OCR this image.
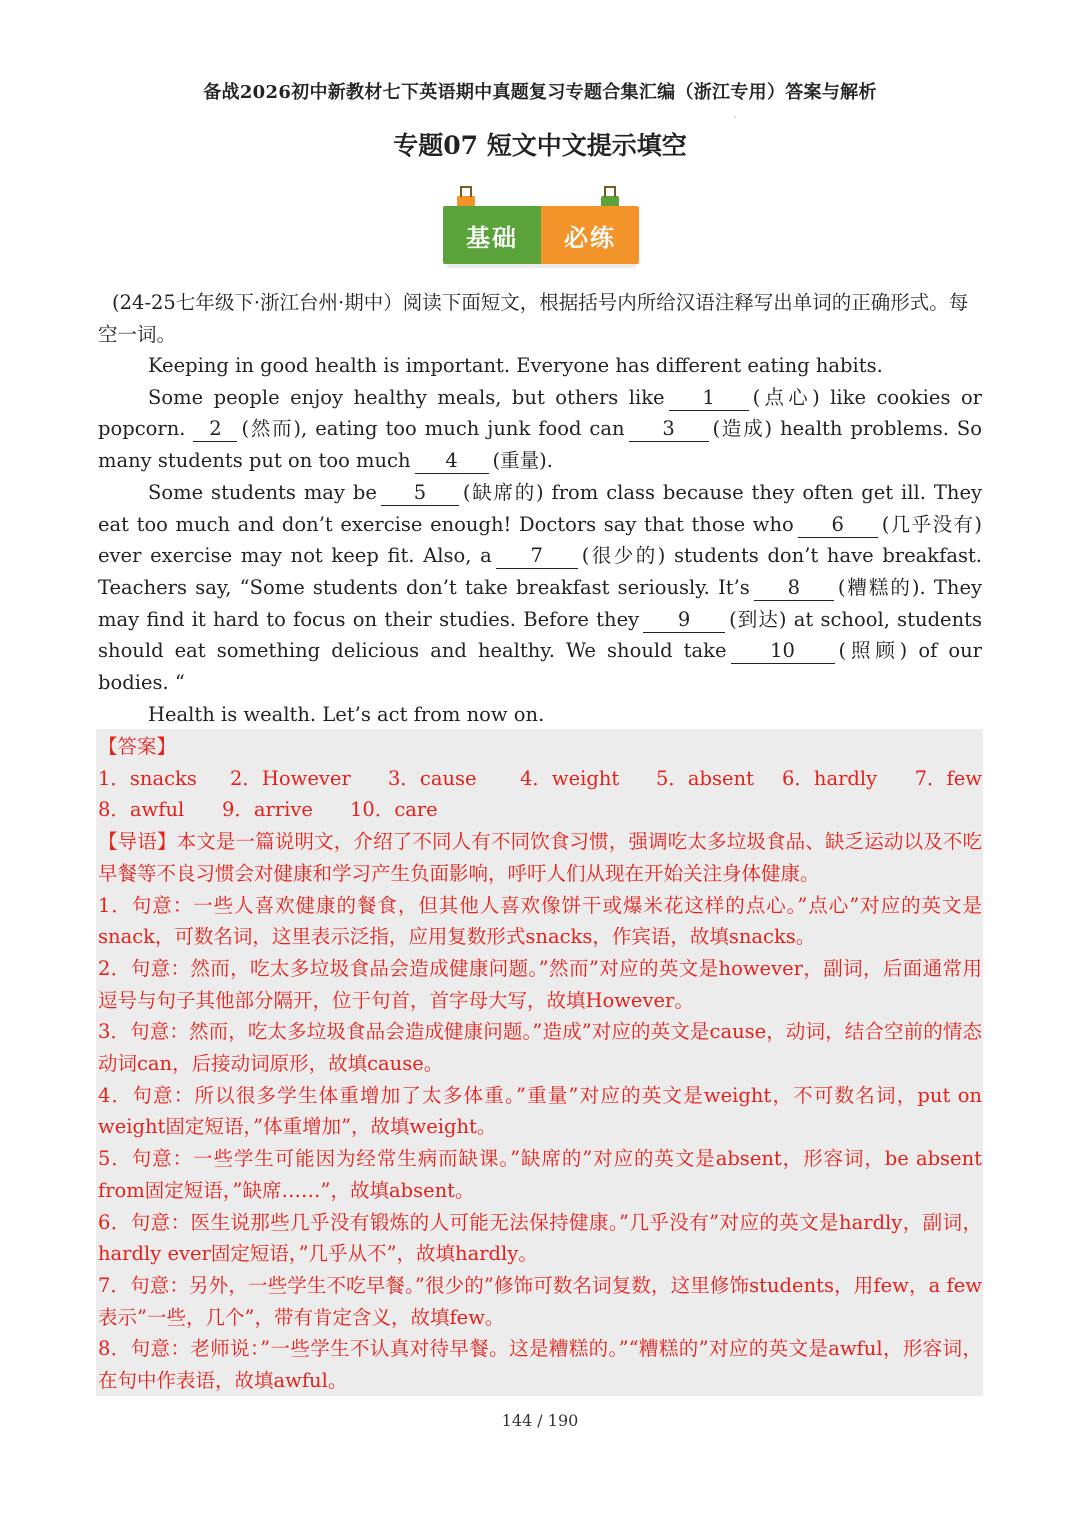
备战2026初中新教材七下英语期中真题复习专题合集汇编（浙江专用）答案与解析
'
专题07 短文中文提示填空
基础	必练
(24-25七年级下·浙江台州·期中）阅读下面短文，根据括号内所给汉语注释写出单词的正确形式。每空一词。

Keeping in good health is important. Everyone has different eating habits.

Some people enjoy healthy meals, but others like 1 (点心) like cookies or popcorn. 2 (然而), eating too much junk food can 3 (造成) health problems. So many students put on too much 4 (重量).

Some students may be 5 (缺席的) from class because they often get ill. They eat too much and don’t exercise enough! Doctors say that those who 6 (几乎没有) ever exercise may not keep fit. Also, a 7 (很少的) students don’t have breakfast. Teachers say, “Some students don’t take breakfast seriously. It’s 8 (糟糕的). They may find it hard to focus on their studies. Before they 9 (到达) at school, students should eat something delicious and healthy. We should take 10 (照顾) of our bodies. “

Health is wealth. Let’s act from now on.

【答案】

1．snacks	2．However	3．cause	4．weight	5．absent	6．hardly	7．few
8．awful	9．arrive	10．care

【导语】本文是一篇说明文，介绍了不同人有不同饮食习惯，强调吃太多垃圾食品、缺乏运动以及不吃早餐等不良习惯会对健康和学习产生负面影响，呼吁人们从现在开始关注身体健康。

1．句意：一些人喜欢健康的餐食，但其他人喜欢像饼干或爆米花这样的点心。”点心”对应的英文是snack，可数名词，这里表示泛指，应用复数形式snacks，作宾语，故填snacks。

2．句意：然而，吃太多垃圾食品会造成健康问题。”然而”对应的英文是however，副词，后面通常用逗号与句子其他部分隔开，位于句首，首字母大写，故填However。

3．句意：然而，吃太多垃圾食品会造成健康问题。”造成”对应的英文是cause，动词，结合空前的情态动词can，后接动词原形，故填cause。

4．句意：所以很多学生体重增加了太多体重。”重量”对应的英文是weight，不可数名词，put on weight固定短语，”体重增加”，故填weight。

5．句意：一些学生可能因为经常生病而缺课。”缺席的”对应的英文是absent，形容词，be absent from固定短语，”缺席……”，故填absent。

6．句意：医生说那些几乎没有锻炼的人可能无法保持健康。”几乎没有”对应的英文是hardly，副词，hardly ever固定短语，”几乎从不”，故填hardly。

7．句意：另外，一些学生不吃早餐。”很少的”修饰可数名词复数，这里修饰students，用few，a few表示”一些，几个”，带有肯定含义，故填few。

8．句意：老师说：”一些学生不认真对待早餐。这是糟糕的。”“糟糕的”对应的英文是awful，形容词，在句中作表语，故填awful。

144 / 190
